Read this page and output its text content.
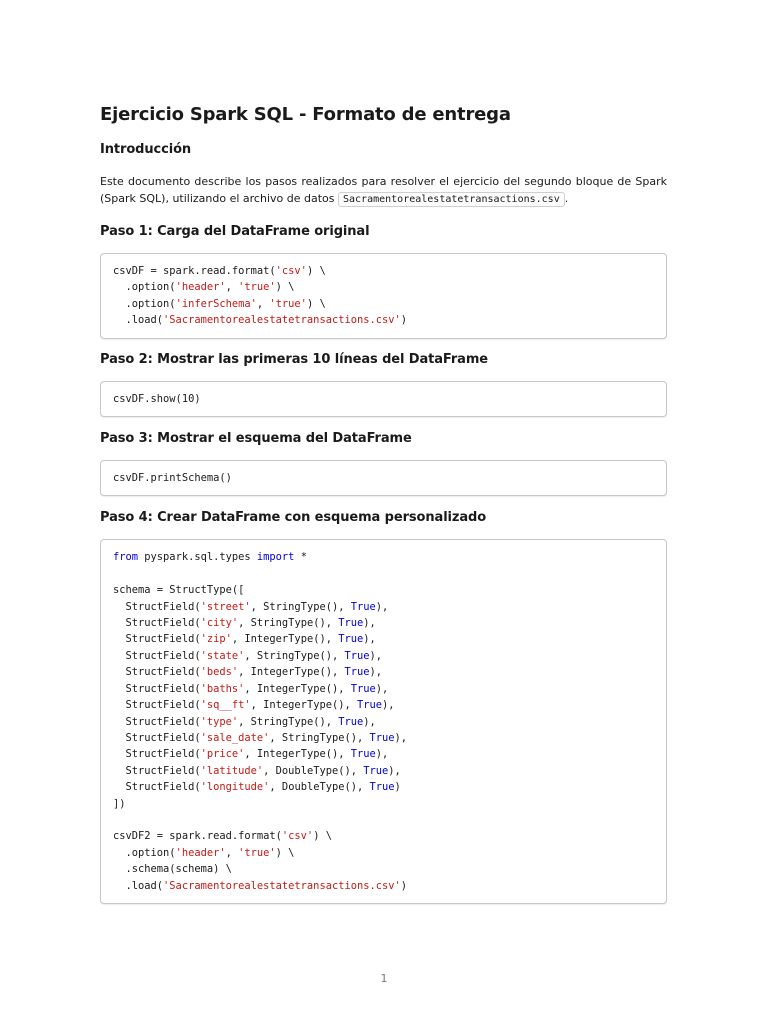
Ejercicio Spark SQL - Formato de entrega
Introducción

Este documento describe los pasos realizados para resolver el ejercicio del segundo bloque de Spark (Spark SQL), utilizando el archivo de datos Sacramentorealestatetransactions.csv .

Paso 1: Carga del DataFrame original
csvDF = spark.read.format('csv') \
.option('header', 'true') \
.option('inferSchema', 'true') \
.load('Sacramentorealestatetransactions.csv')
Paso 2: Mostrar las primeras 10 líneas del DataFrame
csvDF.show(10)
Paso 3: Mostrar el esquema del DataFrame
csvDF.printSchema()
Paso 4: Crear DataFrame con esquema personalizado
from pyspark.sql.types import *

schema = StructType([
StructField('street', StringType(), True),
StructField('city', StringType(), True),
StructField('zip', IntegerType(), True),
StructField('state', StringType(), True),
StructField('beds', IntegerType(), True),
StructField('baths', IntegerType(), True),
StructField('sq__ft', IntegerType(), True),
StructField('type', StringType(), True),
StructField('sale_date', StringType(), True),
StructField('price', IntegerType(), True),
StructField('latitude', DoubleType(), True),
StructField('longitude', DoubleType(), True)
])

csvDF2 = spark.read.format('csv') \
.option('header', 'true') \
.schema(schema) \
.load('Sacramentorealestatetransactions.csv')
1
